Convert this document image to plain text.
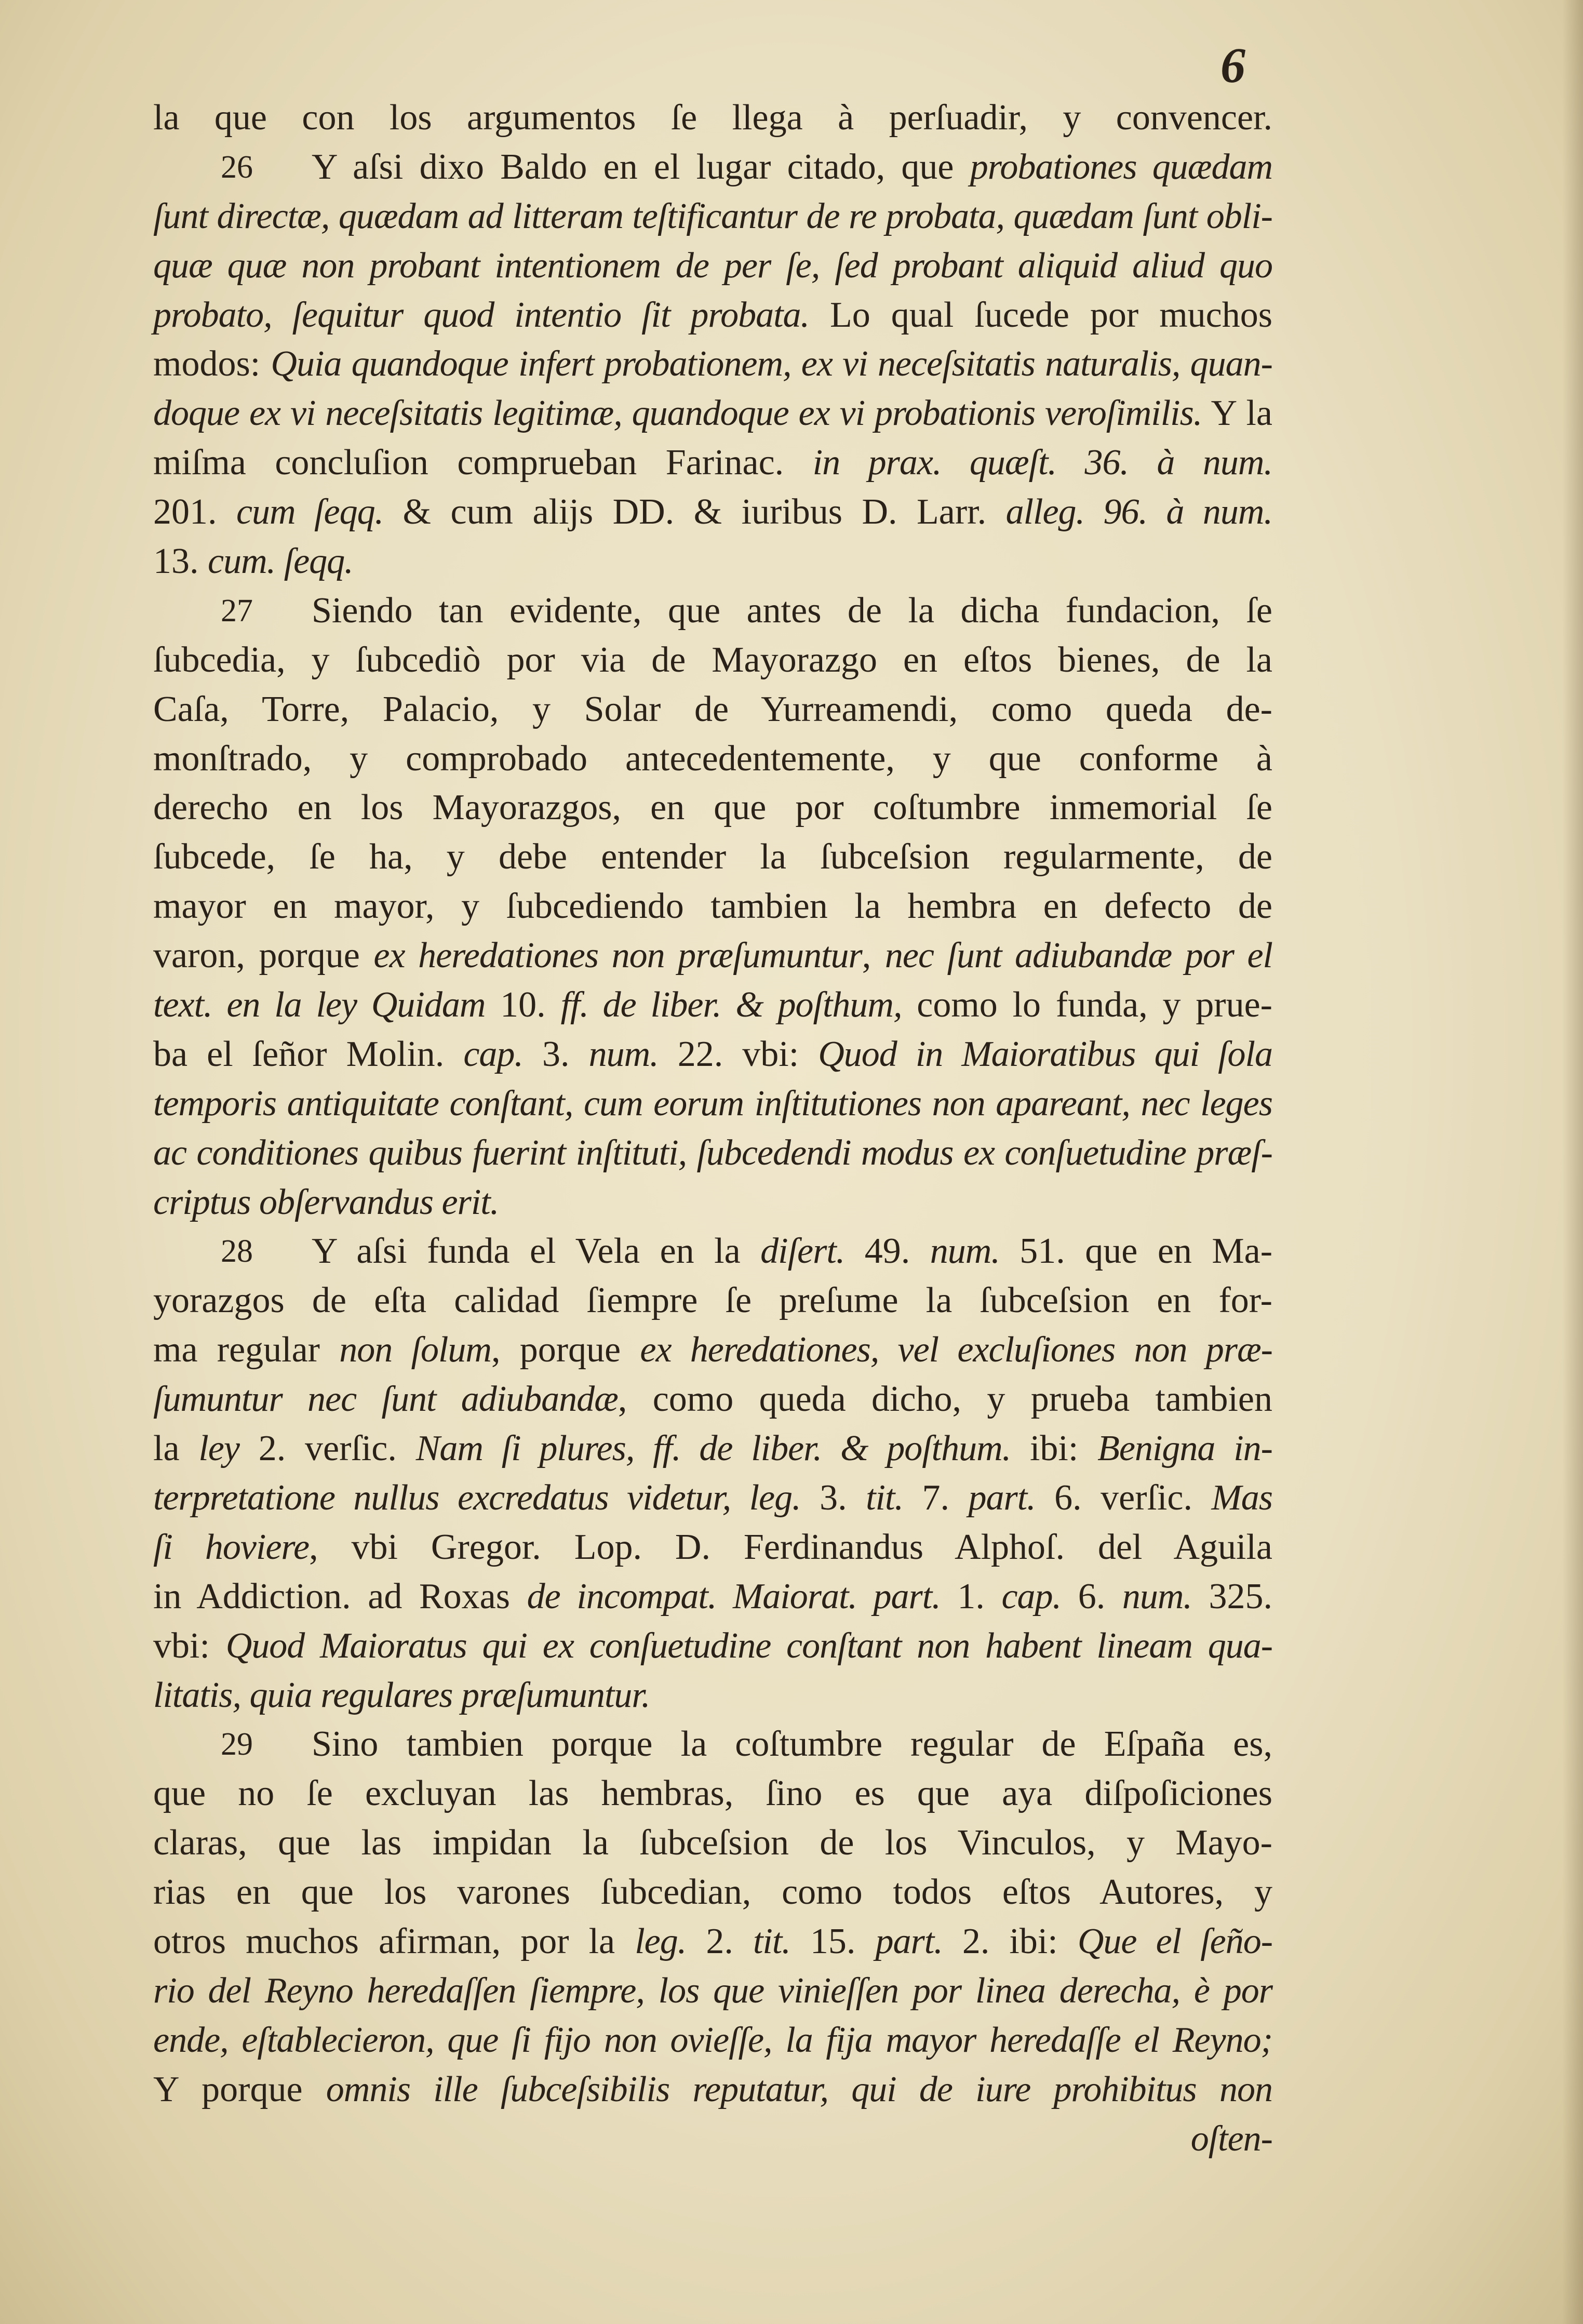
6
la que con los argumentos ſe llega à perſuadir, y convencer.
26 Y aſsi dixo Baldo en el lugar citado, que probationes quædam
ſunt directæ, quædam ad litteram teſtificantur de re probata, quædam ſunt obli-
quæ quæ non probant intentionem de per ſe, ſed probant aliquid aliud quo
probato, ſequitur quod intentio ſit probata. Lo qual ſucede por muchos
modos: Quia quandoque infert probationem, ex vi neceſsitatis naturalis, quan-
doque ex vi neceſsitatis legitimæ, quandoque ex vi probationis veroſimilis. Y la
miſma concluſion comprueban Farinac. in prax. quæſt. 36. à num.
201. cum ſeqq. & cum alijs DD. & iuribus D. Larr. alleg. 96. à num.
13. cum. ſeqq.
27 Siendo tan evidente, que antes de la dicha fundacion, ſe
ſubcedia, y ſubcediò por via de Mayorazgo en eſtos bienes, de la
Caſa, Torre, Palacio, y Solar de Yurreamendi, como queda de-
monſtrado, y comprobado antecedentemente, y que conforme à
derecho en los Mayorazgos, en que por coſtumbre inmemorial ſe
ſubcede, ſe ha, y debe entender la ſubceſsion regularmente, de
mayor en mayor, y ſubcediendo tambien la hembra en defecto de
varon, porque ex heredationes non præſumuntur, nec ſunt adiubandæ por el
text. en la ley Quidam 10. ff. de liber. & poſthum, como lo funda, y prue-
ba el ſeñor Molin. cap. 3. num. 22. vbi: Quod in Maioratibus qui ſola
temporis antiquitate conſtant, cum eorum inſtitutiones non apareant, nec leges
ac conditiones quibus fuerint inſtituti, ſubcedendi modus ex conſuetudine præſ-
criptus obſervandus erit.
28 Y aſsi funda el Vela en la diſert. 49. num. 51. que en Ma-
yorazgos de eſta calidad ſiempre ſe preſume la ſubceſsion en for-
ma regular non ſolum, porque ex heredationes, vel excluſiones non præ-
ſumuntur nec ſunt adiubandæ, como queda dicho, y prueba tambien
la ley 2. verſic. Nam ſi plures, ff. de liber. & poſthum. ibi: Benigna in-
terpretatione nullus excredatus videtur, leg. 3. tit. 7. part. 6. verſic. Mas
ſi hoviere, vbi Gregor. Lop. D. Ferdinandus Alphoſ. del Aguila
in Addiction. ad Roxas de incompat. Maiorat. part. 1. cap. 6. num. 325.
vbi: Quod Maioratus qui ex conſuetudine conſtant non habent lineam qua-
litatis, quia regulares præſumuntur.
29 Sino tambien porque la coſtumbre regular de Eſpaña es,
que no ſe excluyan las hembras, ſino es que aya diſpoſiciones
claras, que las impidan la ſubceſsion de los Vinculos, y Mayo-
rias en que los varones ſubcedian, como todos eſtos Autores, y
otros muchos afirman, por la leg. 2. tit. 15. part. 2. ibi: Que el ſeño-
rio del Reyno heredaſſen ſiempre, los que vinieſſen por linea derecha, è por
ende, eſtablecieron, que ſi fijo non ovieſſe, la fija mayor heredaſſe el Reyno;
Y porque omnis ille ſubceſsibilis reputatur, qui de iure prohibitus non
oſten-
